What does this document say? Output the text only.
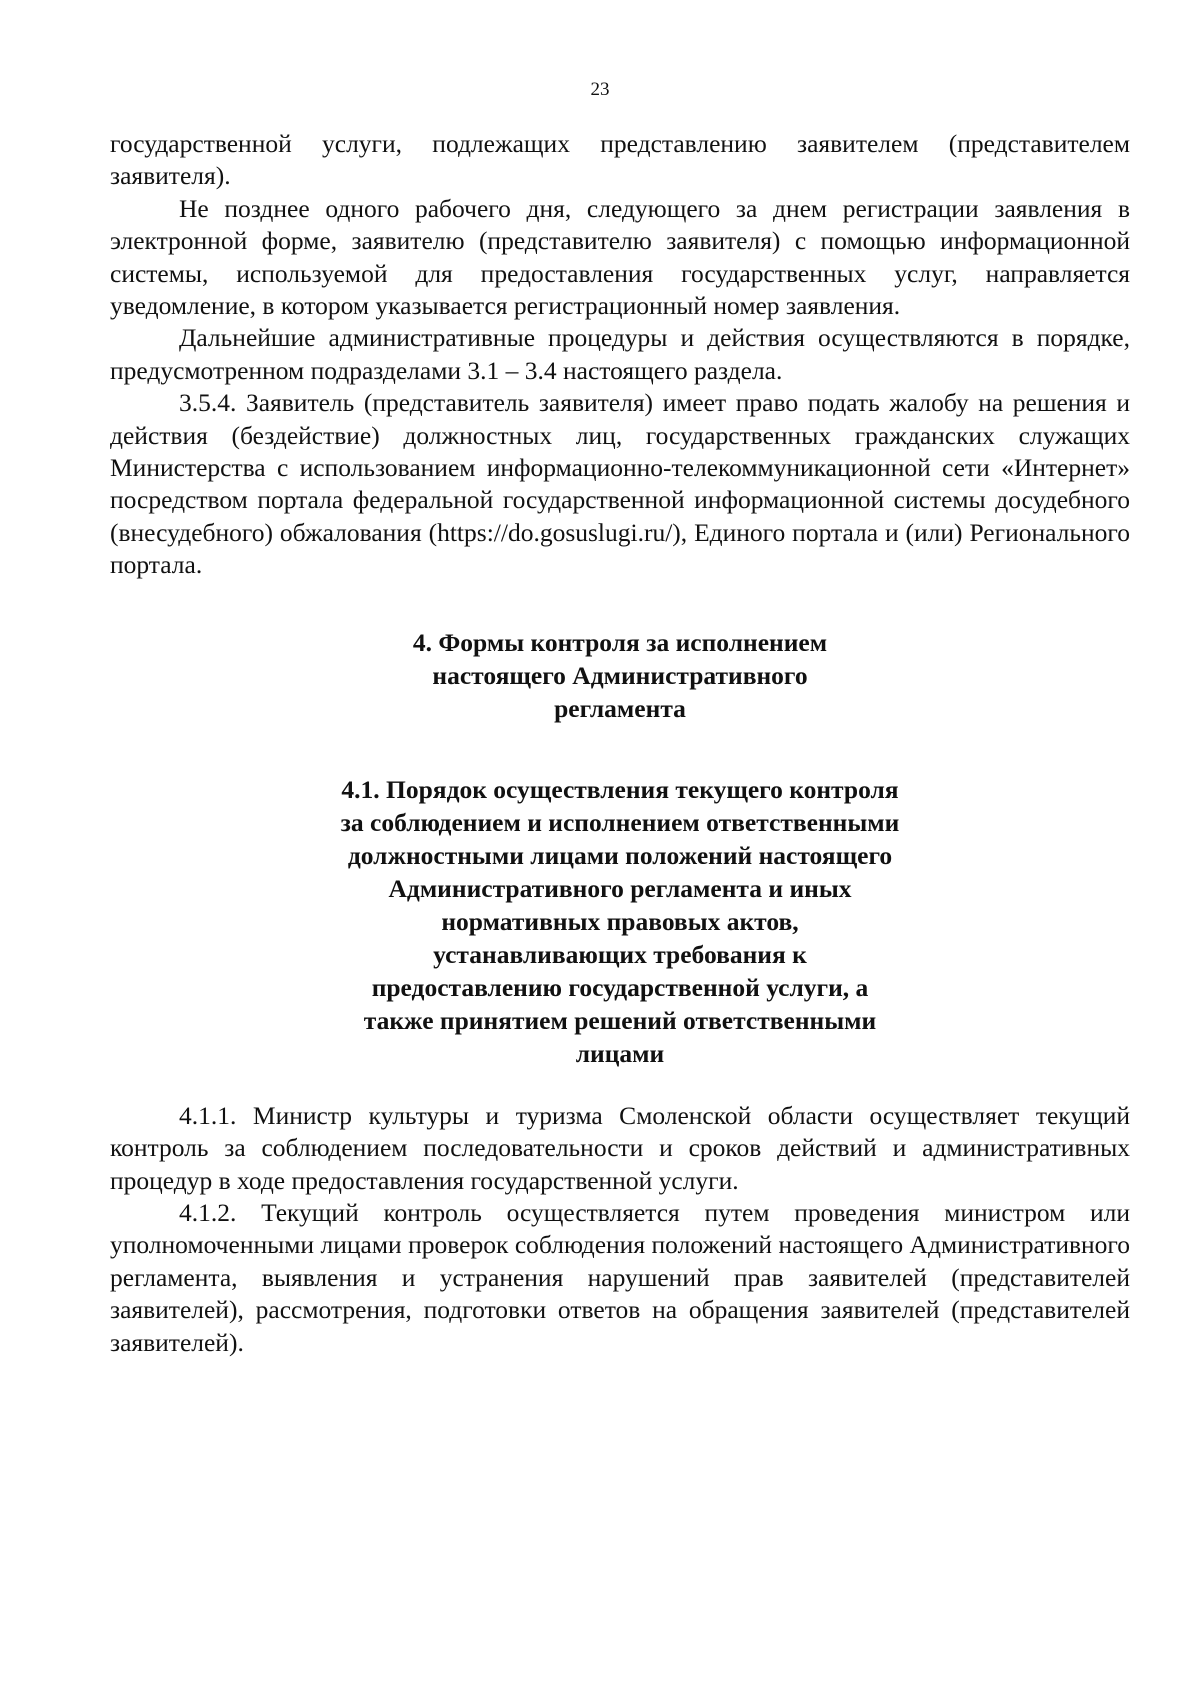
23

государственной услуги, подлежащих представлению заявителем (представителем заявителя).

Не позднее одного рабочего дня, следующего за днем регистрации заявления в электронной форме, заявителю (представителю заявителя) с помощью информационной системы, используемой для предоставления государственных услуг, направляется уведомление, в котором указывается регистрационный номер заявления.

Дальнейшие административные процедуры и действия осуществляются в порядке, предусмотренном подразделами 3.1 – 3.4 настоящего раздела.

3.5.4. Заявитель (представитель заявителя) имеет право подать жалобу на решения и действия (бездействие) должностных лиц, государственных гражданских служащих Министерства с использованием информационно-телекоммуникационной сети «Интернет» посредством портала федеральной государственной информационной системы досудебного (внесудебного) обжалования (https://do.gosuslugi.ru/), Единого портала и (или) Регионального портала.

4. Формы контроля за исполнением настоящего Административного регламента
4.1. Порядок осуществления текущего контроля за соблюдением и исполнением ответственными должностными лицами положений настоящего Административного регламента и иных нормативных правовых актов, устанавливающих требования к предоставлению государственной услуги, а также принятием решений ответственными лицами

4.1.1. Министр культуры и туризма Смоленской области осуществляет текущий контроль за соблюдением последовательности и сроков действий и административных процедур в ходе предоставления государственной услуги.

4.1.2. Текущий контроль осуществляется путем проведения министром или уполномоченными лицами проверок соблюдения положений настоящего Административного регламента, выявления и устранения нарушений прав заявителей (представителей заявителей), рассмотрения, подготовки ответов на обращения заявителей (представителей заявителей).
